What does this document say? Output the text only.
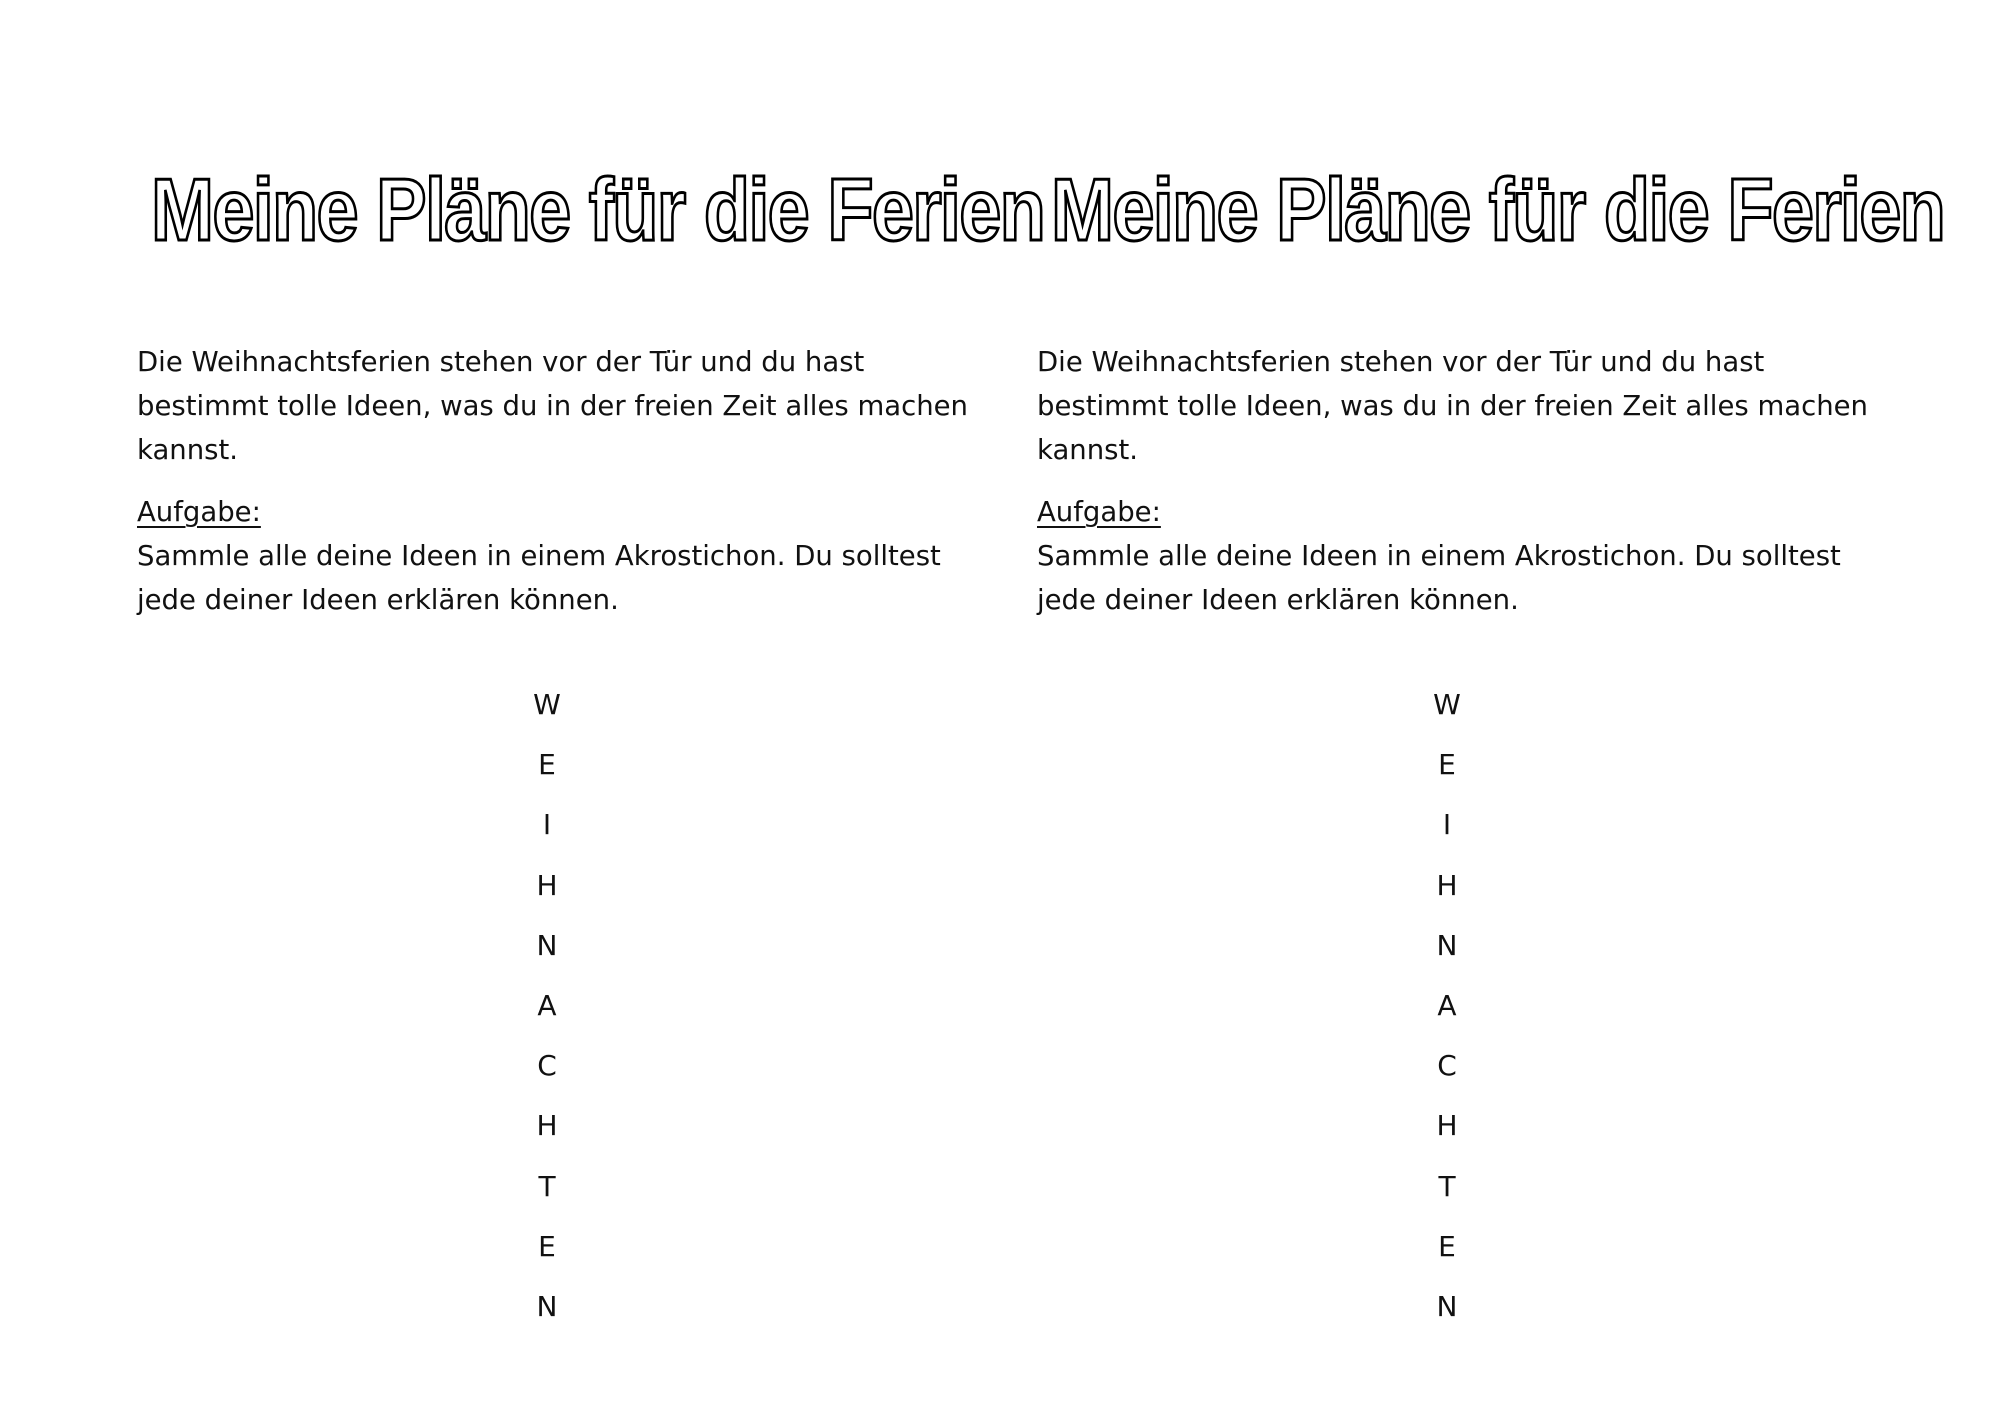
Meine Pläne für die Ferien

Die Weihnachtsferien stehen vor der Tür und du hast bestimmt tolle Ideen, was du in der freien Zeit alles machen kannst.

Aufgabe:

Sammle alle deine Ideen in einem Akrostichon. Du solltest jede deiner Ideen erklären können.

W
E
I
H
N
A
C
H
T
E
N
Meine Pläne für die Ferien

Die Weihnachtsferien stehen vor der Tür und du hast bestimmt tolle Ideen, was du in der freien Zeit alles machen kannst.

Aufgabe:

Sammle alle deine Ideen in einem Akrostichon. Du solltest jede deiner Ideen erklären können.

W
E
I
H
N
A
C
H
T
E
N
